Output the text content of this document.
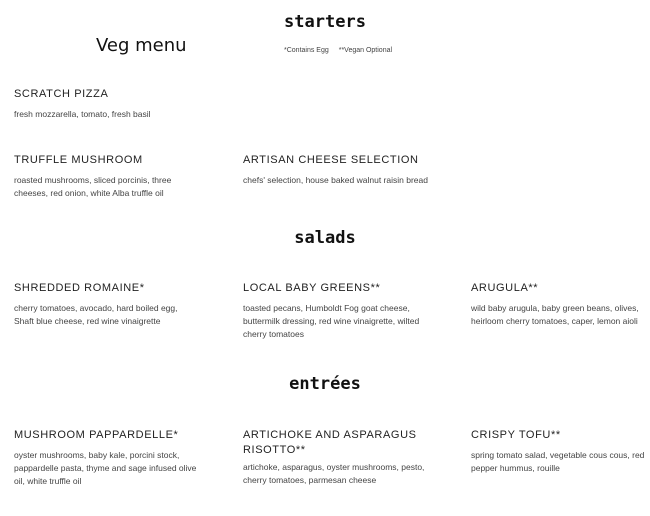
starters
Veg menu	*Contains Egg **Vegan Optional
SCRATCH PIZZA
fresh mozzarella, tomato, fresh basil
TRUFFLE MUSHROOM
roasted mushrooms, sliced porcinis, three cheeses, red onion, white Alba truffle oil
ARTISAN CHEESE SELECTION
chefs' selection, house baked walnut raisin bread
salads
SHREDDED ROMAINE*
cherry tomatoes, avocado, hard boiled egg, Shaft blue cheese, red wine vinaigrette
LOCAL BABY GREENS**
toasted pecans, Humboldt Fog goat cheese, buttermilk dressing, red wine vinaigrette, wilted cherry tomatoes
ARUGULA**
wild baby arugula, baby green beans, olives, heirloom cherry tomatoes, caper, lemon aioli
entrées
MUSHROOM PAPPARDELLE*
oyster mushrooms, baby kale, porcini stock, pappardelle pasta, thyme and sage infused olive oil, white truffle oil
ARTICHOKE AND ASPARAGUS RISOTTO**
artichoke, asparagus, oyster mushrooms, pesto, cherry tomatoes, parmesan cheese
CRISPY TOFU**
spring tomato salad, vegetable cous cous, red pepper hummus, rouille
